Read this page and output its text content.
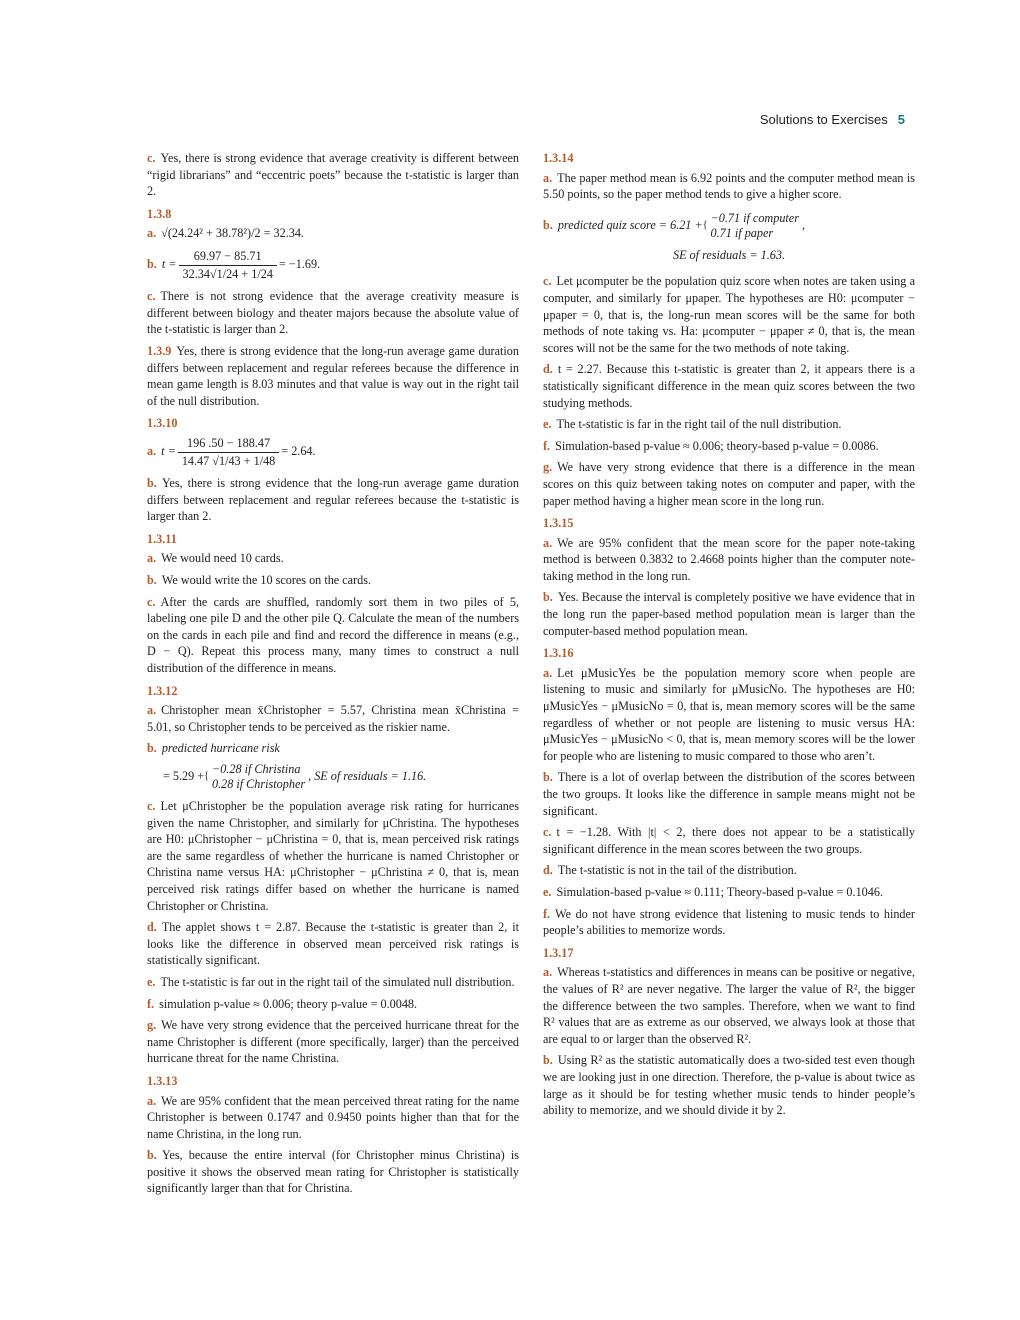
Solutions to Exercises 5

c. Yes, there is strong evidence that average creativity is different between “rigid librarians” and “eccentric poets” because the t-statistic is larger than 2.

1.3.8

a. √(24.24² + 38.78²)/2 = 32.34.

b. $t = \frac{69.97 - 85.71}{32.34√1/24 + 1/24} = -1.69$.

c. There is not strong evidence that the average creativity measure is different between biology and theater majors because the absolute value of the t-statistic is larger than 2.

1.3.9 Yes, there is strong evidence that the long-run average game duration differs between replacement and regular referees because the difference in mean game length is 8.03 minutes and that value is way out in the right tail of the null distribution.

1.3.10

a. $t = \frac{196 .50 - 188.47}{14.47 √1/43 + 1/48} = 2.64$.

b. Yes, there is strong evidence that the long-run average game duration differs between replacement and regular referees because the t-statistic is larger than 2.

1.3.11

a. We would need 10 cards.

b. We would write the 10 scores on the cards.

c. After the cards are shuffled, randomly sort them in two piles of 5, labeling one pile D and the other pile Q. Calculate the mean of the numbers on the cards in each pile and find and record the difference in means (e.g., D − Q). Repeat this process many, many times to construct a null distribution of the difference in means.

1.3.12

a. Christopher mean x̄Christopher = 5.57, Christina mean x̄Christina = 5.01, so Christopher tends to be perceived as the riskier name.

b. predicted hurricane risk

= 5.29 +{
−0.28 if Christina
0.28 if Christopher
, SE of residuals = 1.16.

c. Let μChristopher be the population average risk rating for hurricanes given the name Christopher, and similarly for μChristina. The hypotheses are H0: μChristopher − μChristina = 0, that is, mean perceived risk ratings are the same regardless of whether the hurricane is named Christopher or Christina name versus HA: μChristopher − μChristina ≠ 0, that is, mean perceived risk ratings differ based on whether the hurricane is named Christopher or Christina.

d. The applet shows t = 2.87. Because the t-statistic is greater than 2, it looks like the difference in observed mean perceived risk ratings is statistically significant.

e. The t-statistic is far out in the right tail of the simulated null distribution.

f. simulation p-value ≈ 0.006; theory p-value = 0.0048.

g. We have very strong evidence that the perceived hurricane threat for the name Christopher is different (more specifically, larger) than the perceived hurricane threat for the name Christina.

1.3.13

a. We are 95% confident that the mean perceived threat rating for the name Christopher is between 0.1747 and 0.9450 points higher than that for the name Christina, in the long run.

b. Yes, because the entire interval (for Christopher minus Christina) is positive it shows the observed mean rating for Christopher is statistically significantly larger than that for Christina.

1.3.14

a. The paper method mean is 6.92 points and the computer method mean is 5.50 points, so the paper method tends to give a higher score.

b. predicted quiz score = 6.21 +{
−0.71 if computer
0.71 if paper
,

SE of residuals = 1.63.

c. Let μcomputer be the population quiz score when notes are taken using a computer, and similarly for μpaper. The hypotheses are H0: μcomputer − μpaper = 0, that is, the long-run mean scores will be the same for both methods of note taking vs. Ha: μcomputer − μpaper ≠ 0, that is, the mean scores will not be the same for the two methods of note taking.

d. t = 2.27. Because this t-statistic is greater than 2, it appears there is a statistically significant difference in the mean quiz scores between the two studying methods.

e. The t-statistic is far in the right tail of the null distribution.

f. Simulation-based p-value ≈ 0.006; theory-based p-value = 0.0086.

g. We have very strong evidence that there is a difference in the mean scores on this quiz between taking notes on computer and paper, with the paper method having a higher mean score in the long run.

1.3.15

a. We are 95% confident that the mean score for the paper note-taking method is between 0.3832 to 2.4668 points higher than the computer note-taking method in the long run.

b. Yes. Because the interval is completely positive we have evidence that in the long run the paper-based method population mean is larger than the computer-based method population mean.

1.3.16

a. Let μMusicYes be the population memory score when people are listening to music and similarly for μMusicNo. The hypotheses are H0: μMusicYes − μMusicNo = 0, that is, mean memory scores will be the same regardless of whether or not people are listening to music versus HA: μMusicYes − μMusicNo < 0, that is, mean memory scores will be the lower for people who are listening to music compared to those who aren’t.

b. There is a lot of overlap between the distribution of the scores between the two groups. It looks like the difference in sample means might not be significant.

c. t = −1.28. With |t| < 2, there does not appear to be a statistically significant difference in the mean scores between the two groups.

d. The t-statistic is not in the tail of the distribution.

e. Simulation-based p-value ≈ 0.111; Theory-based p-value = 0.1046.

f. We do not have strong evidence that listening to music tends to hinder people’s abilities to memorize words.

1.3.17

a. Whereas t-statistics and differences in means can be positive or negative, the values of R² are never negative. The larger the value of R², the bigger the difference between the two samples. Therefore, when we want to find R² values that are as extreme as our observed, we always look at those that are equal to or larger than the observed R².

b. Using R² as the statistic automatically does a two-sided test even though we are looking just in one direction. Therefore, the p-value is about twice as large as it should be for testing whether music tends to hinder people’s ability to memorize, and we should divide it by 2.
